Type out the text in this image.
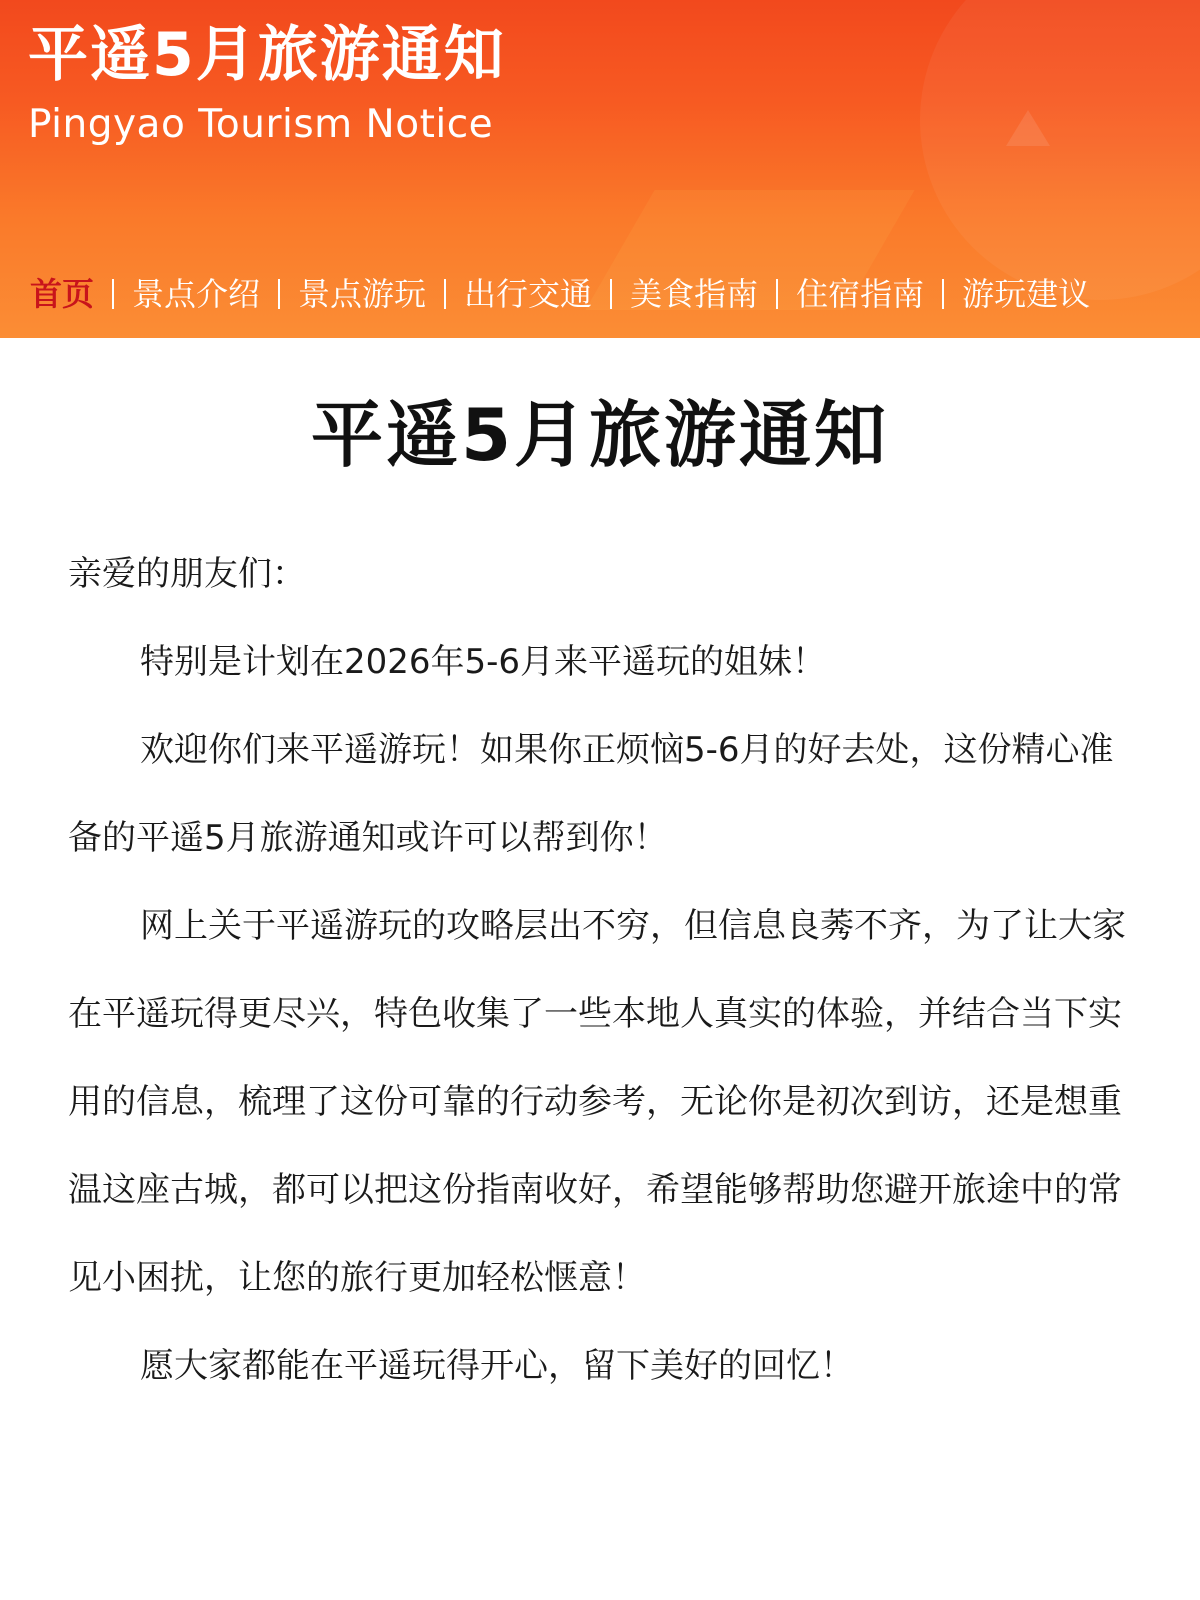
平遥5月旅游通知
Pingyao Tourism Notice
首页 景点介绍 景点游玩 出行交通 美食指南 住宿指南 游玩建议
平遥5月旅游通知

亲爱的朋友们：

特别是计划在2026年5-6月来平遥玩的姐妹！

欢迎你们来平遥游玩！如果你正烦恼5-6月的好去处，这份精心准备的平遥5月旅游通知或许可以帮到你！

网上关于平遥游玩的攻略层出不穷，但信息良莠不齐，为了让大家在平遥玩得更尽兴，特色收集了一些本地人真实的体验，并结合当下实用的信息，梳理了这份可靠的行动参考，无论你是初次到访，还是想重温这座古城，都可以把这份指南收好，希望能够帮助您避开旅途中的常见小困扰，让您的旅行更加轻松惬意！

愿大家都能在平遥玩得开心，留下美好的回忆！
